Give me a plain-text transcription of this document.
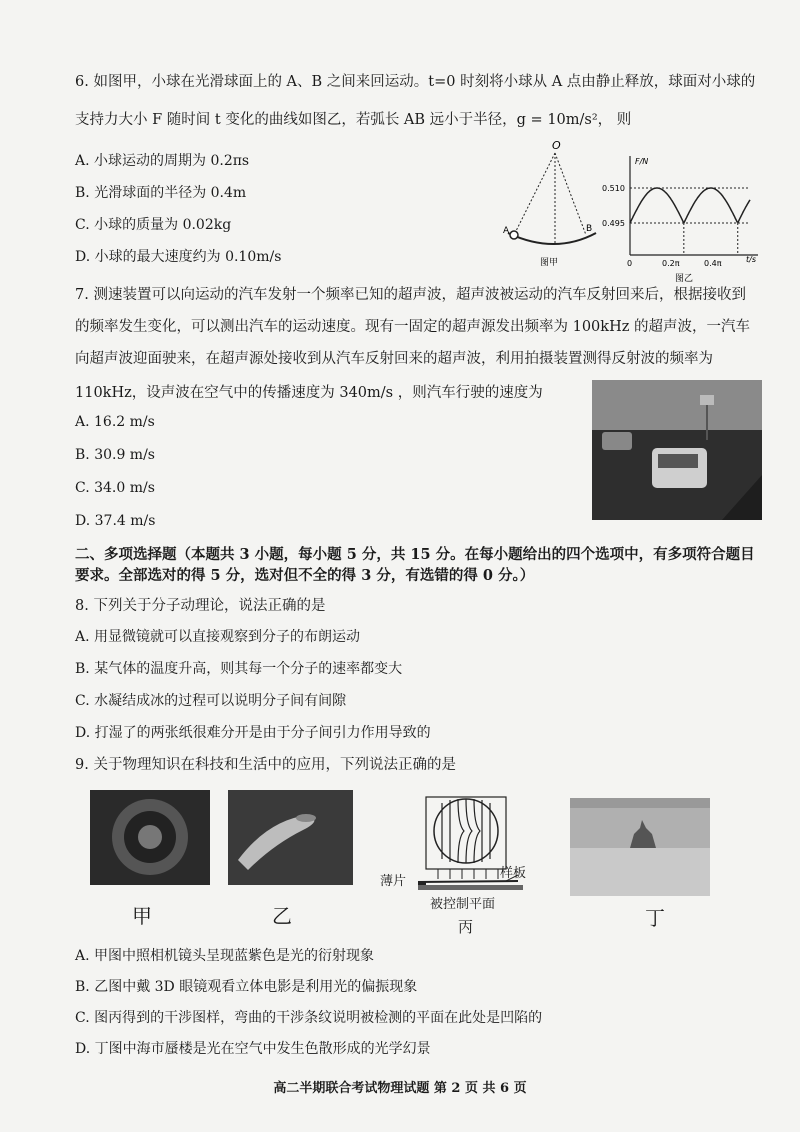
6. 如图甲，小球在光滑球面上的 A、B 之间来回运动。t=0 时刻将小球从 A 点由静止释放，球面对小球的
支持力大小 F 随时间 t 变化的曲线如图乙，若弧长 AB 远小于半径，g = 10m/s²， 则
A. 小球运动的周期为 0.2πs
B. 光滑球面的半径为 0.4m
C. 小球的质量为 0.02kg
D. 小球的最大速度约为 0.10m/s
O
A	B
图甲
F/N
t/s
0.510
0.495
0	0.2π	0.4π
图乙
7. 测速装置可以向运动的汽车发射一个频率已知的超声波，超声波被运动的汽车反射回来后，根据接收到
的频率发生变化，可以测出汽车的运动速度。现有一固定的超声源发出频率为 100kHz 的超声波，一汽车
向超声波迎面驶来，在超声源处接收到从汽车反射回来的超声波，利用拍摄装置测得反射波的频率为
110kHz，设声波在空气中的传播速度为 340m/s ，则汽车行驶的速度为
A. 16.2 m/s
B. 30.9 m/s
C. 34.0 m/s
D. 37.4 m/s
二、多项选择题（本题共 3 小题，每小题 5 分，共 15 分。在每小题给出的四个选项中，有多项符合题目
要求。全部选对的得 5 分，选对但不全的得 3 分，有选错的得 0 分。）
8. 下列关于分子动理论，说法正确的是
A. 用显微镜就可以直接观察到分子的布朗运动
B. 某气体的温度升高，则其每一个分子的速率都变大
C. 水凝结成冰的过程可以说明分子间有间隙
D. 打湿了的两张纸很难分开是由于分子间引力作用导致的
9. 关于物理知识在科技和生活中的应用，下列说法正确的是
甲	乙
薄片
样板
被控制平面
丙	丁
A. 甲图中照相机镜头呈现蓝紫色是光的衍射现象
B. 乙图中戴 3D 眼镜观看立体电影是利用光的偏振现象
C. 图丙得到的干涉图样，弯曲的干涉条纹说明被检测的平面在此处是凹陷的
D. 丁图中海市蜃楼是光在空气中发生色散形成的光学幻景
高二半期联合考试物理试题 第 2 页 共 6 页
